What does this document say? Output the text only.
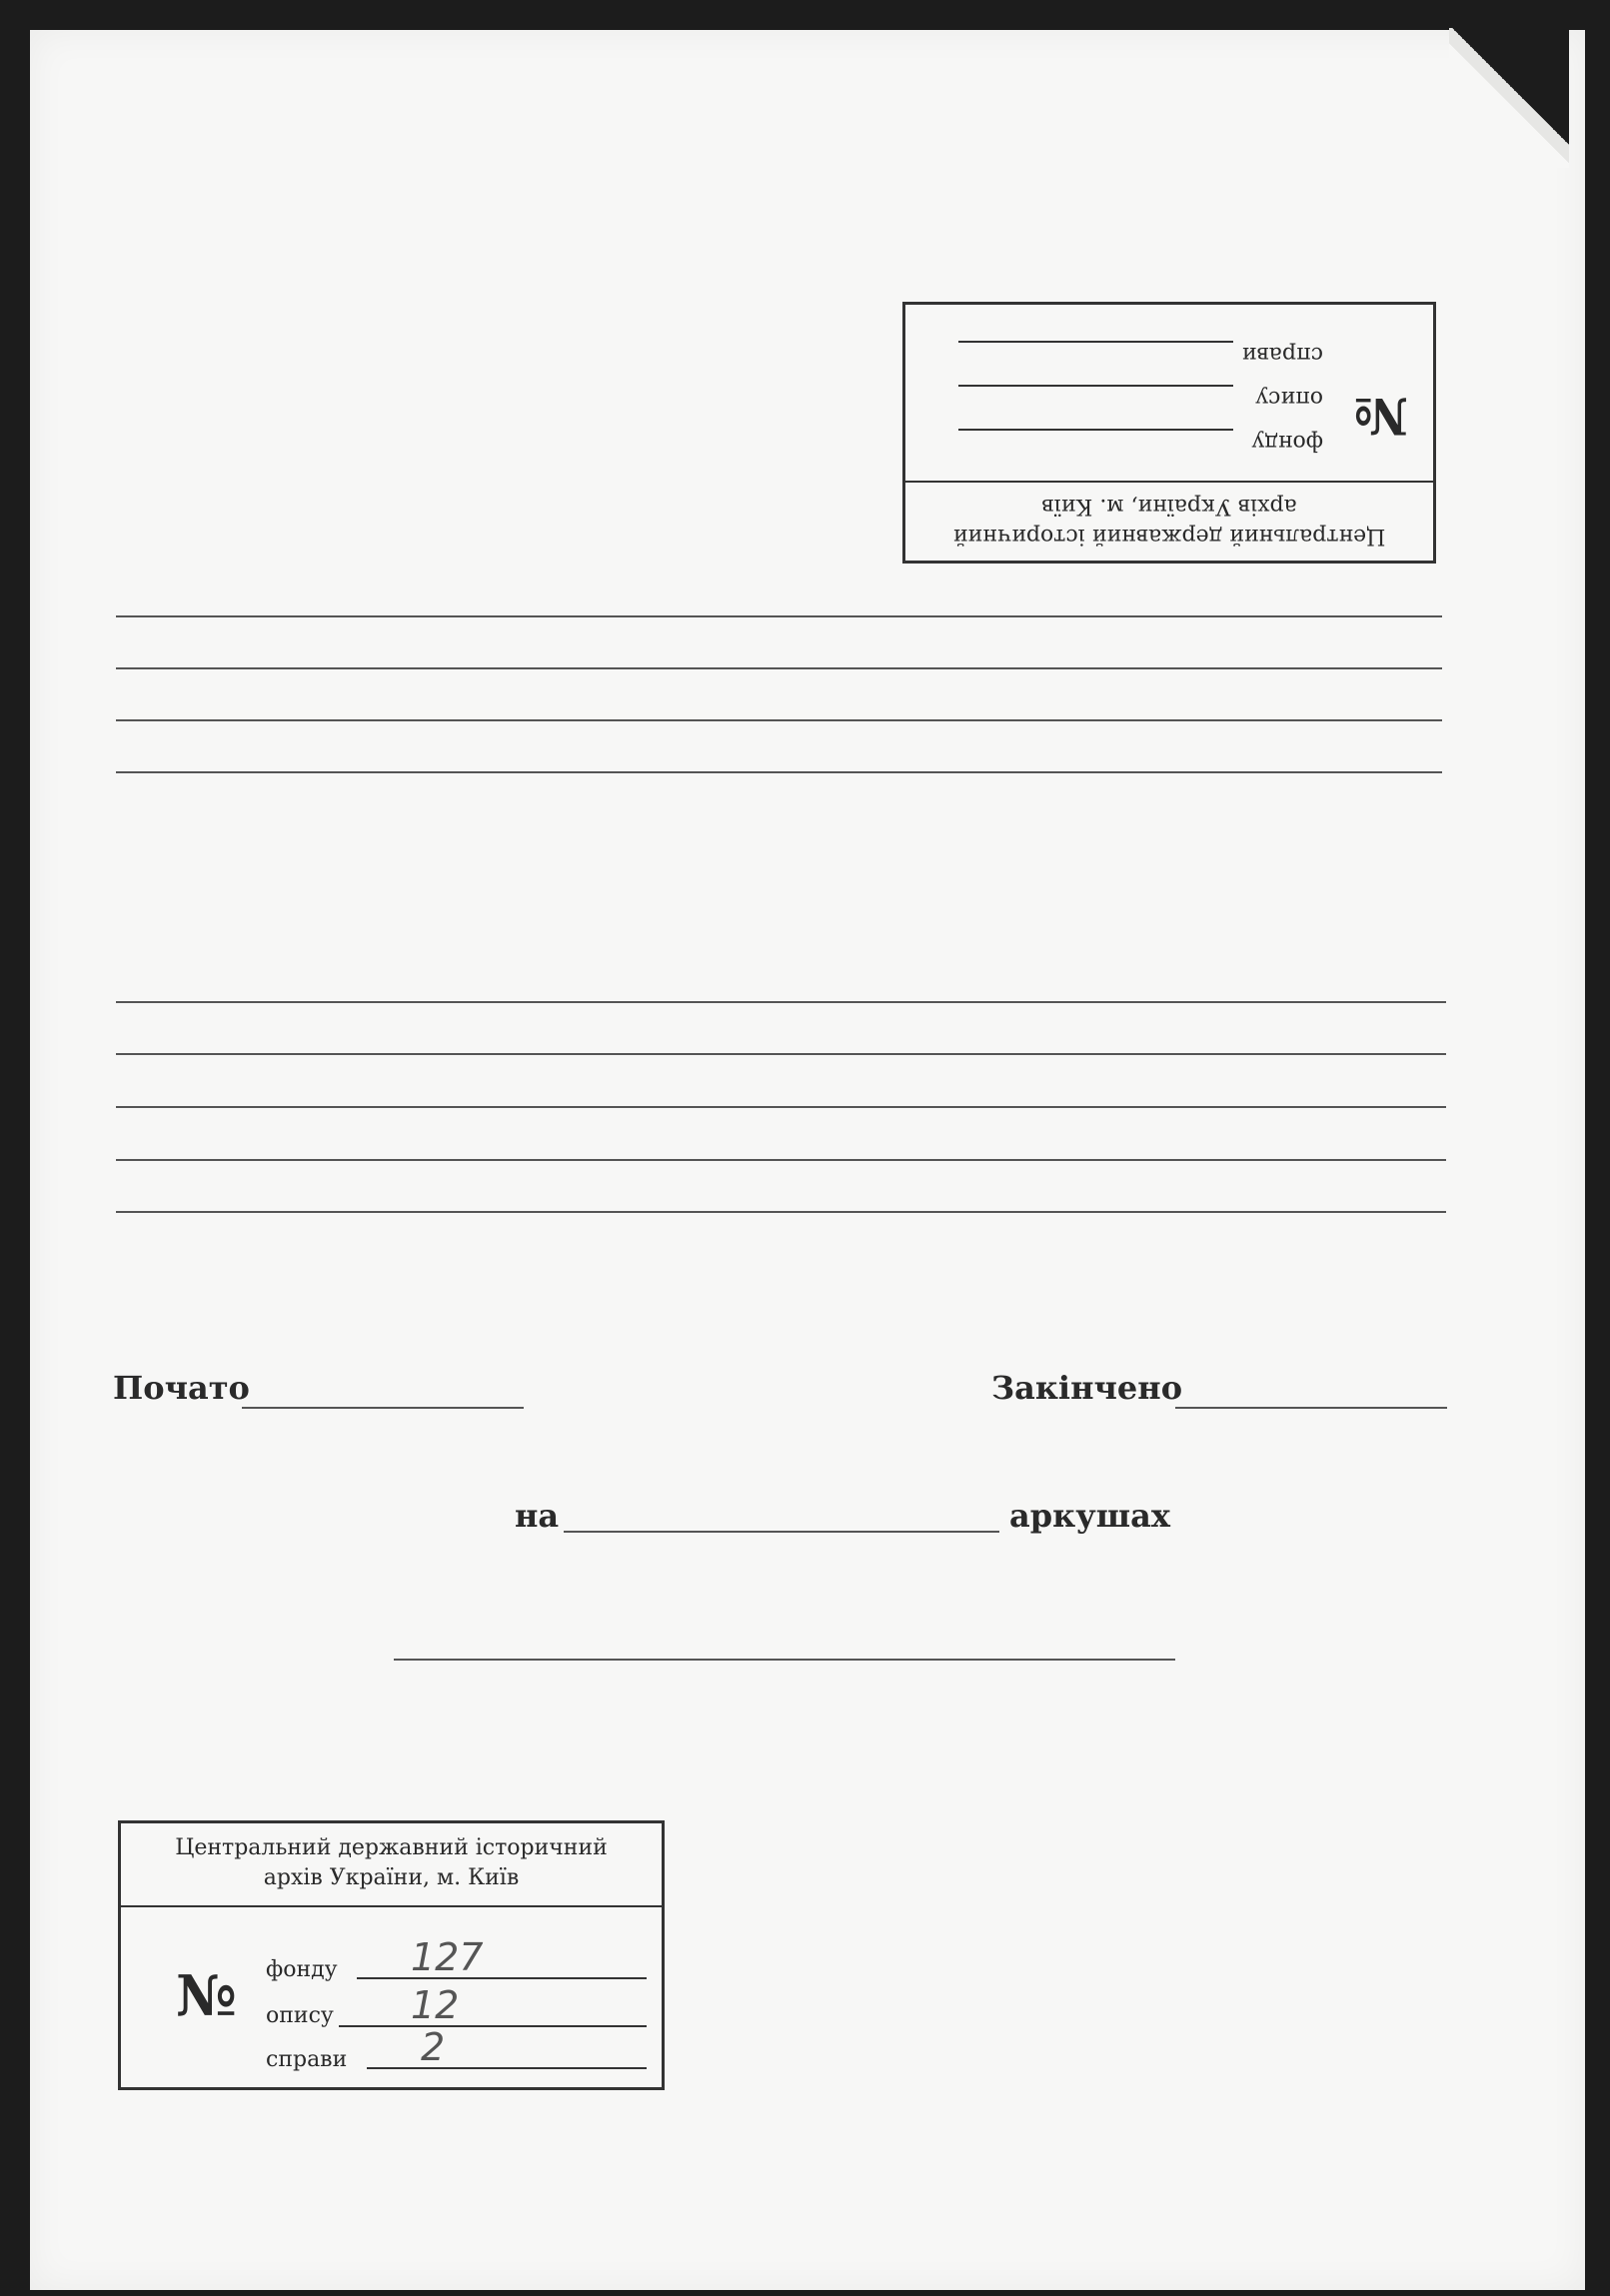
Центральний державний історичний
архів України, м. Київ
№
фонду
опису
справи
Початo	Закінчено
на	аркушах
Центральний державний історичний
архів України, м. Київ
№ фонду 127
опису 12
справи 2
